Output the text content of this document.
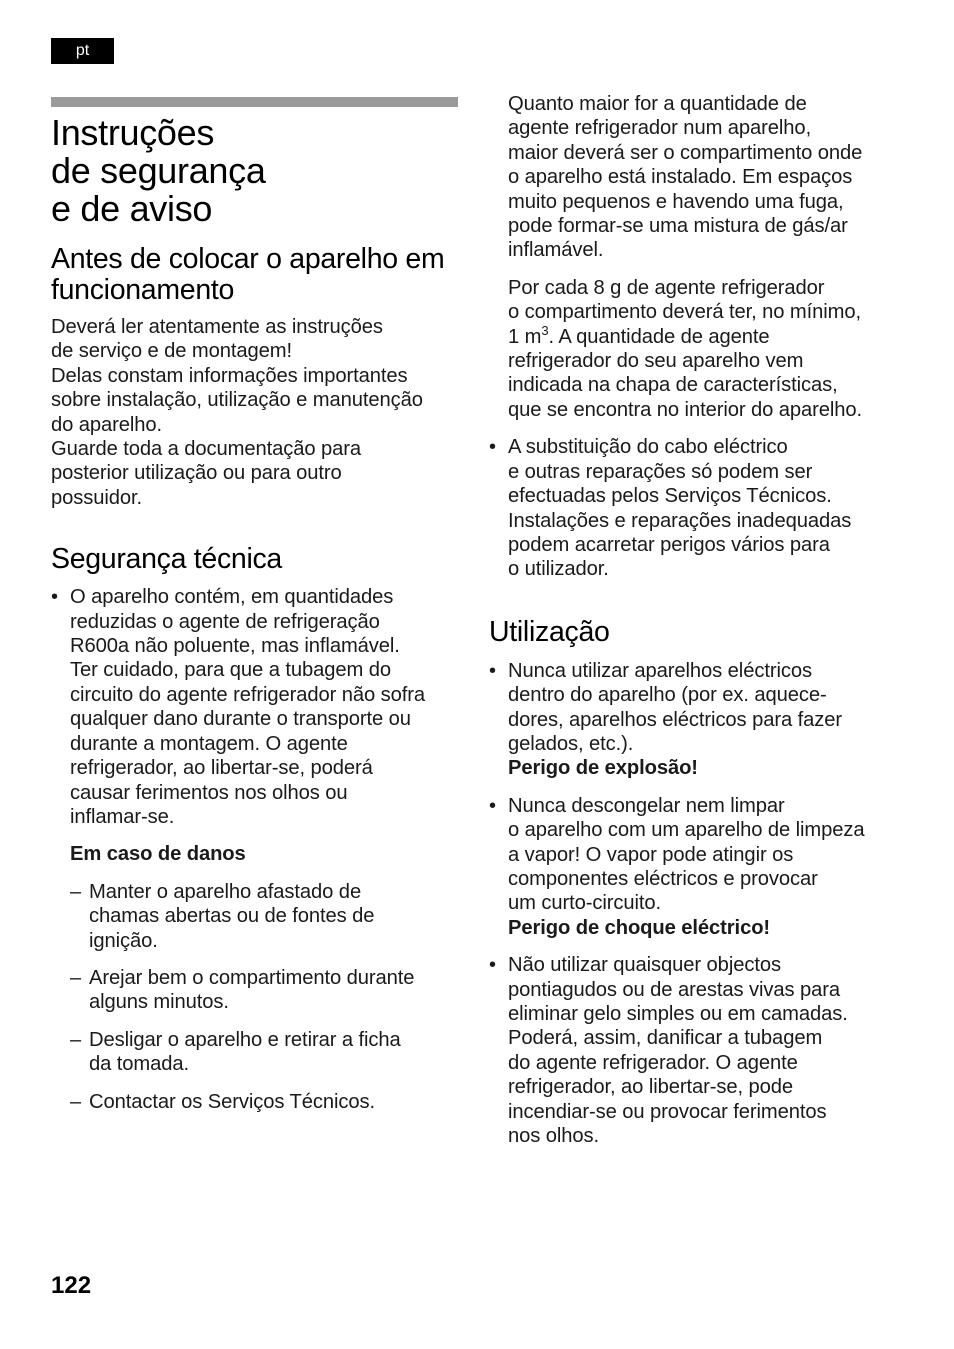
pt
Instruções
de segurança
e de aviso
Antes de colocar o aparelho em funcionamento

Deverá ler atentamente as instruções
de serviço e de montagem!
Delas constam informações importantes
sobre instalação, utilização e manutenção
do aparelho.
Guarde toda a documentação para
posterior utilização ou para outro
possuidor.

Segurança técnica
• O aparelho contém, em quantidades
reduzidas o agente de refrigeração
R600a não poluente, mas inflamável.
Ter cuidado, para que a tubagem do
circuito do agente refrigerador não sofra
qualquer dano durante o transporte ou
durante a montagem. O agente
refrigerador, ao libertar-se, poderá
causar ferimentos nos olhos ou
inflamar-se.

Em caso de danos

– Manter o aparelho afastado de
chamas abertas ou de fontes de
ignição.

– Arejar bem o compartimento durante
alguns minutos.

– Desligar o aparelho e retirar a ficha
da tomada.

– Contactar os Serviços Técnicos.

Quanto maior for a quantidade de
agente refrigerador num aparelho,
maior deverá ser o compartimento onde
o aparelho está instalado. Em espaços
muito pequenos e havendo uma fuga,
pode formar-se uma mistura de gás/ar
inflamável.

Por cada 8 g de agente refrigerador
o compartimento deverá ter, no mínimo,
1 $m^3$. A quantidade de agente
refrigerador do seu aparelho vem
indicada na chapa de características,
que se encontra no interior do aparelho.

• A substituição do cabo eléctrico
e outras reparações só podem ser
efectuadas pelos Serviços Técnicos.
Instalações e reparações inadequadas
podem acarretar perigos vários para
o utilizador.

Utilização
• Nunca utilizar aparelhos eléctricos
dentro do aparelho (por ex. aquece-
dores, aparelhos eléctricos para fazer
gelados, etc.).

Perigo de explosão!

• Nunca descongelar nem limpar
o aparelho com um aparelho de limpeza
a vapor! O vapor pode atingir os
componentes eléctricos e provocar
um curto-circuito.

Perigo de choque eléctrico!

• Não utilizar quaisquer objectos
pontiagudos ou de arestas vivas para
eliminar gelo simples ou em camadas.
Poderá, assim, danificar a tubagem
do agente refrigerador. O agente
refrigerador, ao libertar-se, pode
incendiar-se ou provocar ferimentos
nos olhos.

122
